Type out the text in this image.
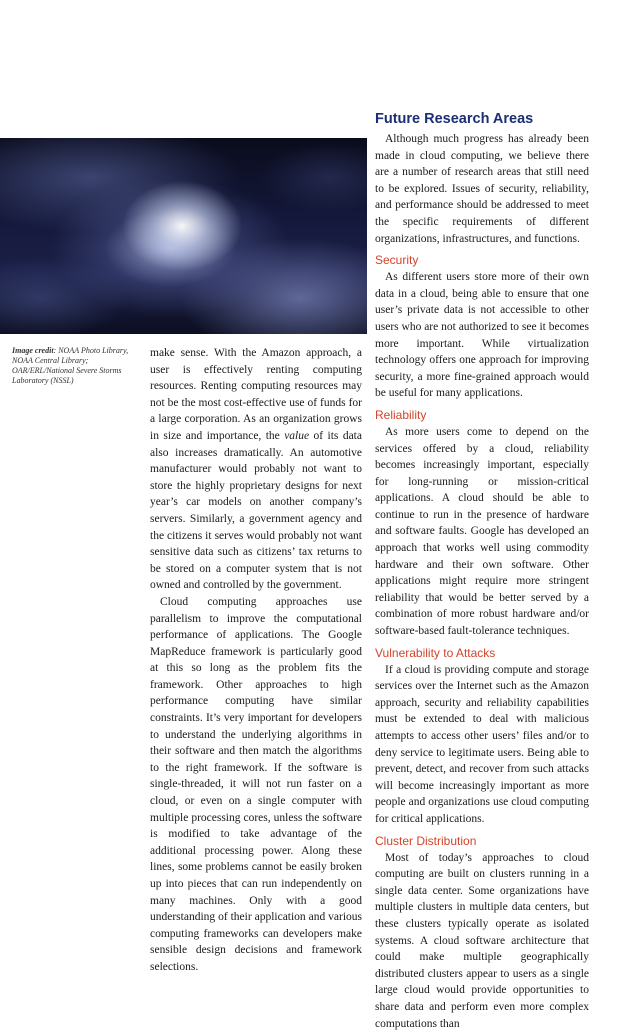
Image credit: NOAA Photo Library, NOAA Central Library; OAR/ERL/National Severe Storms Laboratory (NSSL)

make sense. With the Amazon approach, a user is effectively renting computing resources. Renting computing resources may not be the most cost-effective use of funds for a large corporation. As an organization grows in size and importance, the value of its data also increases dramatically. An automotive manufacturer would probably not want to store the highly proprietary designs for next year’s car models on another company’s servers. Similarly, a government agency and the citizens it serves would probably not want sensitive data such as citizens’ tax returns to be stored on a computer system that is not owned and controlled by the government.

Cloud computing approaches use parallelism to improve the computational performance of applications. The Google MapReduce framework is particularly good at this so long as the problem fits the framework. Other approaches to high performance computing have similar constraints. It’s very important for developers to understand the underlying algorithms in their software and then match the algorithms to the right framework. If the software is single-threaded, it will not run faster on a cloud, or even on a single computer with multiple processing cores, unless the software is modified to take advantage of the additional processing power. Along these lines, some problems cannot be easily broken up into pieces that can run independently on many machines. Only with a good understanding of their application and various computing frameworks can developers make sensible design decisions and framework selections.

Future Research Areas

Although much progress has already been made in cloud computing, we believe there are a number of research areas that still need to be explored. Issues of security, reliability, and performance should be addressed to meet the specific requirements of different organizations, infrastructures, and functions.

Security

As different users store more of their own data in a cloud, being able to ensure that one user’s private data is not accessible to other users who are not authorized to see it becomes more important. While virtualization technology offers one approach for improving security, a more fine-grained approach would be useful for many applications.

Reliability

As more users come to depend on the services offered by a cloud, reliability becomes increasingly important, especially for long-running or mission-critical applications. A cloud should be able to continue to run in the presence of hardware and software faults. Google has developed an approach that works well using commodity hardware and their own software. Other applications might require more stringent reliability that would be better served by a combination of more robust hardware and/or software-based fault-tolerance techniques.

Vulnerability to Attacks

If a cloud is providing compute and storage services over the Internet such as the Amazon approach, security and reliability capabilities must be extended to deal with malicious attempts to access other users’ files and/or to deny service to legitimate users. Being able to prevent, detect, and recover from such attacks will become increasingly important as more people and organizations use cloud computing for critical applications.

Cluster Distribution

Most of today’s approaches to cloud computing are built on clusters running in a single data center. Some organizations have multiple clusters in multiple data centers, but these clusters typically operate as isolated systems. A cloud software architecture that could make multiple geographically distributed clusters appear to users as a single large cloud would provide opportunities to share data and perform even more complex computations than
